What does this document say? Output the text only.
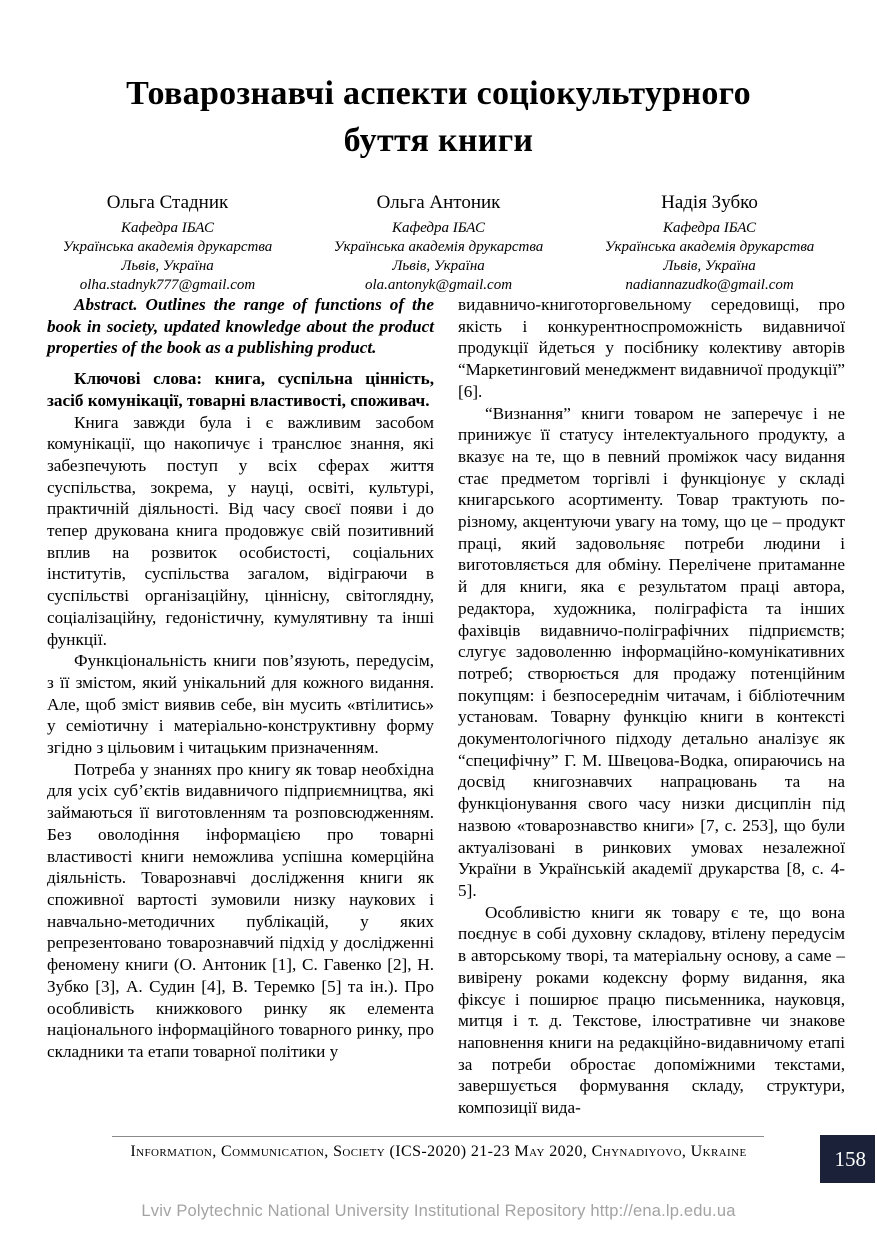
Товарознавчі аспекти соціокультурного
буття книги
Ольга Стадник
Кафедра ІБАС
Українська академія друкарства
Львів, Україна
olha.stadnyk777@gmail.com
Ольга Антоник
Кафедра ІБАС
Українська академія друкарства
Львів, Україна
ola.antonyk@gmail.com
Надія Зубко
Кафедра ІБАС
Українська академія друкарства
Львів, Україна
nadiannazudko@gmail.com

Abstract. Outlines the range of functions of the book in society, updated knowledge about the product properties of the book as a publishing product.

Ключові слова: книга, суспільна цінність, засіб комунікації, товарні властивості, споживач.

Книга завжди була і є важливим засобом комунікації, що накопичує і транслює знання, які забезпечують поступ у всіх сферах життя суспільства, зокрема, у науці, освіті, культурі, практичній діяльності. Від часу своєї появи і до тепер друкована книга продовжує свій позитивний вплив на розвиток особистості, соціальних інститутів, суспільства загалом, відіграючи в суспільстві організаційну, ціннісну, світоглядну, соціалізаційну, гедоністичну, кумулятивну та інші функції.

Функціональність книги пов’язують, передусім, з її змістом, який унікальний для кожного видання. Але, щоб зміст виявив себе, він мусить «втілитись» у семіотичну і матеріально-конструктивну форму згідно з цільовим і читацьким призначенням.

Потреба у знаннях про книгу як товар необхідна для усіх суб’єктів видавничого підприємництва, які займаються її виготовленням та розповсюдженням. Без оволодіння інформацією про товарні властивості книги неможлива успішна комерційна діяльність. Товарознавчі дослідження книги як споживної вартості зумовили низку наукових і навчально-методичних публікацій, у яких репрезентовано товарознавчий підхід у дослідженні феномену книги (О. Антоник [1], С. Гавенко [2], Н. Зубко [3], А. Судин [4], В. Теремко [5] та ін.). Про особливість книжкового ринку як елемента національного інформаційного товарного ринку, про складники та етапи товарної політики у

видавничо-книготорговельному середовищі, про якість і конкурентноспроможність видавничої продукції йдеться у посібнику колективу авторів “Маркетинговий менеджмент видавничої продукції” [6].

“Визнання” книги товаром не заперечує і не принижує її статусу інтелектуального продукту, а вказує на те, що в певний проміжок часу видання стає предметом торгівлі і функціонує у складі книгарського асортименту. Товар трактують по-різному, акцентуючи увагу на тому, що це – продукт праці, який задовольняє потреби людини і виготовляється для обміну. Перелічене притаманне й для книги, яка є результатом праці автора, редактора, художника, поліграфіста та інших фахівців видавничо-поліграфічних підприємств; слугує задоволенню інформаційно-комунікативних потреб; створюється для продажу потенційним покупцям: і безпосереднім читачам, і бібліотечним установам. Товарну функцію книги в контексті документологічного підходу детально аналізує як “специфічну” Г. М. Швецова-Водка, опираючись на досвід книгознавчих напрацювань та на функціонування свого часу низки дисциплін під назвою «товарознавство книги» [7, с. 253], що були актуалізовані в ринкових умовах незалежної України в Українській академії друкарства [8, с. 4-5].

Особливістю книги як товару є те, що вона поєднує в собі духовну складову, втілену передусім в авторському творі, та матеріальну основу, а саме – вивірену роками кодексну форму видання, яка фіксує і поширює працю письменника, науковця, митця і т. д. Текстове, ілюстративне чи знакове наповнення книги на редакційно-видавничому етапі за потреби обростає допоміжними текстами, завершується формування складу, структури, композиції вида-

Information, Communication, Society (ICS-2020) 21-23 May 2020, Chynadiyovo, Ukraine	158
Lviv Polytechnic National University Institutional Repository http://ena.lp.edu.ua
